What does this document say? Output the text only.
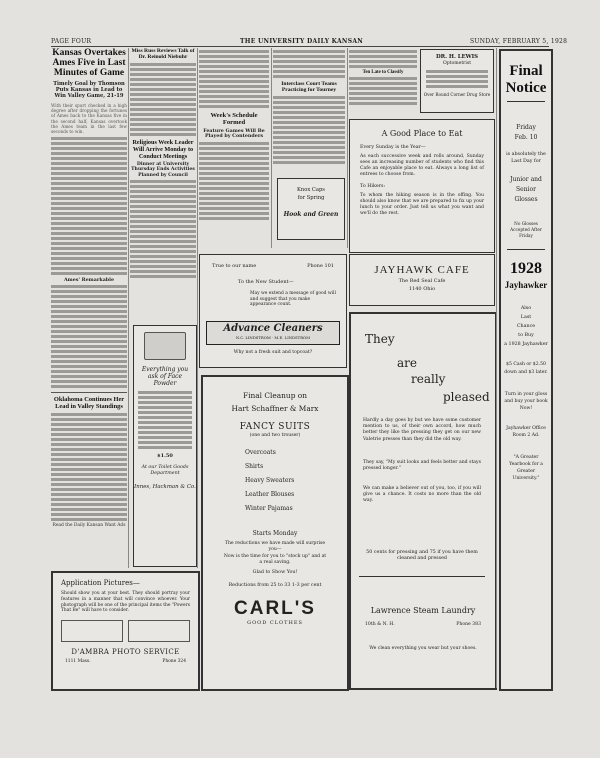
PAGE FOUR	THE UNIVERSITY DAILY KANSAN	SUNDAY, FEBRUARY 5, 1928
Kansas Overtakes Ames Five in Last Minutes of Game
Timely Goal by Thomson Puts Kansas in Lead to Win Valley Game, 21-19
With their spurt checked in a high degree after dropping the fortunes of Ames back to the Kansas five in the second half, Kansas overtook the Ames team in the last few seconds to win.
Ames' Remarkable
Oklahoma Continues Her Lead in Valley Standings
Read the Daily Kansan Want Ads
Miss Russ Reviews Talk of Dr. Reinold Niebuhr
Religious Week Leader Will Arrive Monday to Conduct Meetings
Dinner at University Thursday Ends Activities Planned by Council
Everything you ask of Face Powder
$1.50
At our Toilet Goods Department
Innes, Hackman & Co.
Week's Schedule Formed
Feature Games Will Be Played by Contenders
Interclass Court Teams Practicing for Tourney
Knox Caps
for Spring
Hook and Green
Ten Late to Classify
DR. H. LEWIS
Optometrist
Over Round Corner Drug Store
A Good Place to Eat
Every Sunday is the Year—
As each successive week and rolls around, Sunday sees an increasing number of students who find this Cafe an enjoyable place to eat. Always a long list of entrees to choose from.
To Hikers:
To whom the hiking season is in the offing. You should also know that we are prepared to fix up your lunch to your order. Just tell us what you want and we'll do the rest.
JAYHAWK CAFE
The Red Seal Cafe
1140 Ohio
True to our name	Phone 101
To the New Student—
May we extend a message of good will and suggest that you make appearance count.
Advance Cleaners
N.C. LINDSTROM · M.E. LINDSTROM
Why not a fresh suit and topcoat?
Final Cleanup on
Hart Schaffner & Marx
FANCY SUITS
(one and two trouser)
Overcoats
Shirts
Heavy Sweaters
Leather Blouses
Winter Pajamas
Starts Monday
The reductions we have made will surprise you—
Now is the time for you to "stock up" and at a real saving.
Glad to Show You!
Reductions from 25 to 33 1-3 per cent
CARL'S
GOOD CLOTHES
They
are
really
pleased
Hardly a day goes by but we have some customer mention to us, of their own accord, how much better they like the pressing they get on our new Valetrie presses than they did the old way.
They say, "My suit looks and feels better and stays pressed longer."
We can make a believer out of you, too, if you will give us a chance. It costs no more than the old way.
50 cents for pressing and 75 if you have them cleaned and pressed
Lawrence Steam Laundry
10th & N. H.	Phone 383
We clean everything you wear but your shoes.
Application Pictures—
Should show you at your best. They should portray your features in a manner that will convince whoever. Your photograph will be one of the principal items the "Powers That Be" will have to consider.
D'AMBRA PHOTO SERVICE
1111 Mass.	Phone 324
Final
Notice
Friday
Feb. 10
is absolutely the Last Day for
Junior and Senior Glosses
No Glosses Accepted After Friday
1928
Jayhawker
Also
Last
Chance
to Buy
a 1928 Jayhawker
$5 Cash or $2.50 down and $3 later.
Turn in your gloss and buy your book Now!
Jayhawker Office
Room 2 Ad.
"A Greater Yearbook for a Greater University."
